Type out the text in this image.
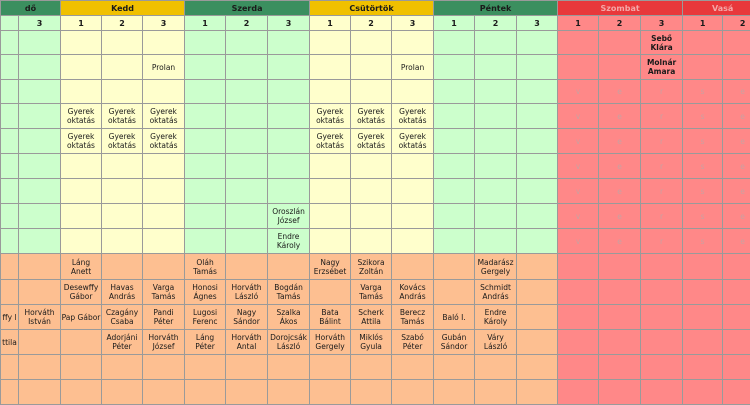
dő		Kedd			Szerda			Csütörtök			Péntek			Szombat			Vasá	
	3	1	2	3	1	2	3	1	2	3	1	2	3	1	2	3	1	2
																Sebő Klára		
				Prolan						Prolan						Molnár Amara		
														v	e	r	s	e
		Gyerek oktatás	Gyerek oktatás	Gyerek oktatás				Gyerek oktatás	Gyerek oktatás	Gyerek oktatás				v	e	r	s	e
		Gyerek oktatás	Gyerek oktatás	Gyerek oktatás				Gyerek oktatás	Gyerek oktatás	Gyerek oktatás				v	e	r	s	e
														v	e	r	s	e
														v	e	r	s	e
							Oroszlán József							v	e	r	s	e
							Endre Károly							v	e	r	s	e
		Láng Anett			Oláh Tamás			Nagy Erzsébet	Szikora Zoltán			Madarász Gergely						
		Desewffy Gábor	Havas András	Varga Tamás	Honosi Ágnes	Horváth László	Bogdán Tamás		Varga Tamás	Kovács András		Schmidt András						
ffy l	Horváth István	Pap Gábor	Czagány Csaba	Pandi Péter	Lugosi Ferenc	Nagy Sándor	Szalka Ákos	Bata Bálint	Scherk Attila	Berecz Tamás	Baló I.	Endre Károly						
ttila			Adorjáni Péter	Horváth József	Láng Péter	Horváth Antal	Dorojcsák László	Horváth Gergely	Miklós Gyula	Szabó Péter	Gubán Sándor	Váry László						
